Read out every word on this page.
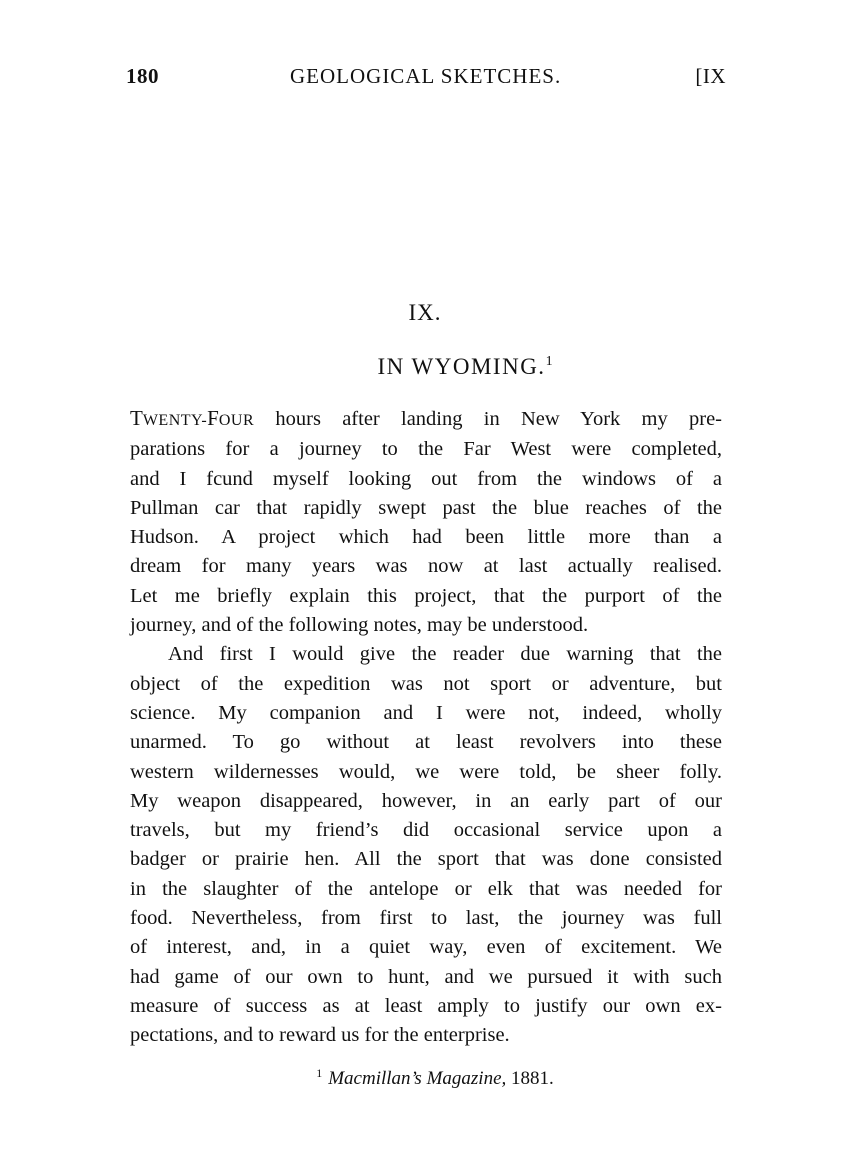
180	GEOLOGICAL SKETCHES.	[IX
IX.
IN WYOMING.$^1$
TWENTY-FOUR hours after landing in New York my pre-
parations for a journey to the Far West were completed,
and I fcund myself looking out from the windows of a
Pullman car that rapidly swept past the blue reaches of the
Hudson. A project which had been little more than a
dream for many years was now at last actually realised.
Let me briefly explain this project, that the purport of the
journey, and of the following notes, may be understood.
And first I would give the reader due warning that the
object of the expedition was not sport or adventure, but
science. My companion and I were not, indeed, wholly
unarmed. To go without at least revolvers into these
western wildernesses would, we were told, be sheer folly.
My weapon disappeared, however, in an early part of our
travels, but my friend’s did occasional service upon a
badger or prairie hen. All the sport that was done consisted
in the slaughter of the antelope or elk that was needed for
food. Nevertheless, from first to last, the journey was full
of interest, and, in a quiet way, even of excitement. We
had game of our own to hunt, and we pursued it with such
measure of success as at least amply to justify our own ex-
pectations, and to reward us for the enterprise.
$^1$ Macmillan’s Magazine, 1881.
